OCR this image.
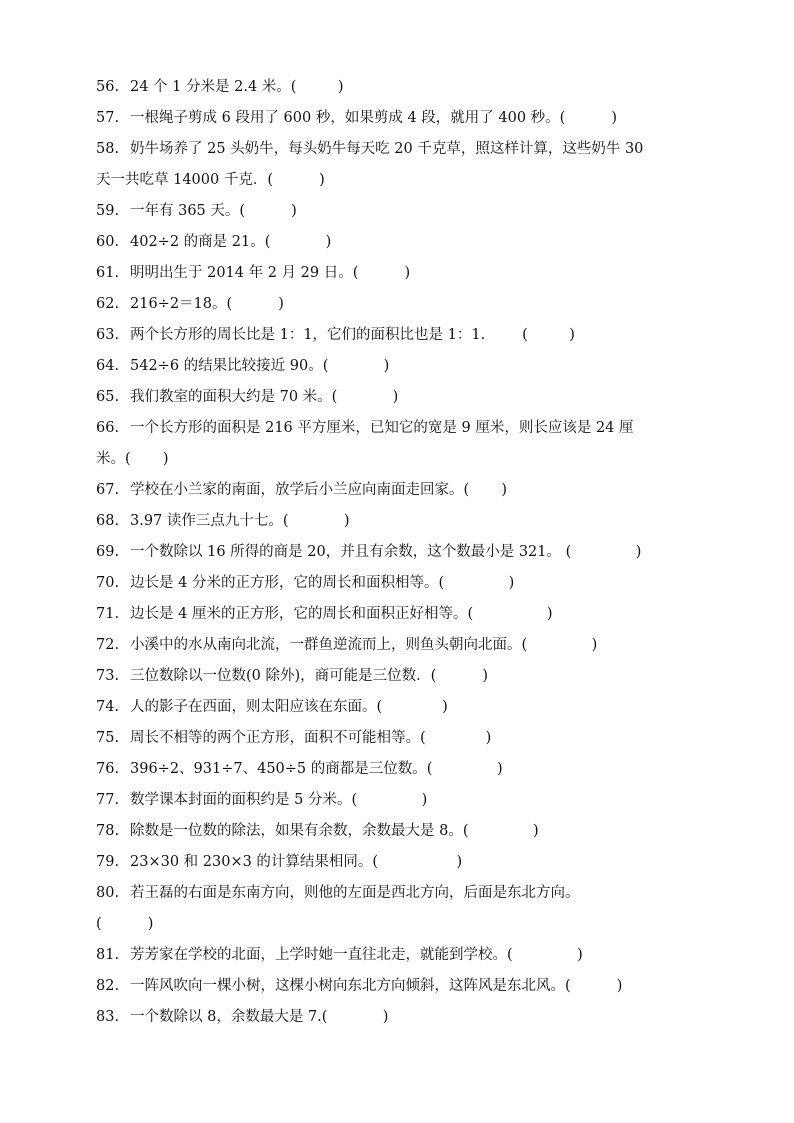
56. 24 个 1 分米是 2.4 米。(         )
57. 一根绳子剪成 6 段用了 600 秒，如果剪成 4 段，就用了 400 秒。(          )
58. 奶牛场养了 25 头奶牛，每头奶牛每天吃 20 千克草，照这样计算，这些奶牛 30
天一共吃草 14000 千克．(          )
59. 一年有 365 天。(          )
60. 402÷2 的商是 21。(            )
61. 明明出生于 2014 年 2 月 29 日。(          )
62. 216÷2＝18。(          )
63. 两个长方形的周长比是 1：1，它们的面积比也是 1：1.        (         )
64. 542÷6 的结果比较接近 90。(            )
65. 我们教室的面积大约是 70 米。(            )
66. 一个长方形的面积是 216 平方厘米，已知它的宽是 9 厘米，则长应该是 24 厘
米。(       )
67. 学校在小兰家的南面，放学后小兰应向南面走回家。(       )
68. 3.97 读作三点九十七。(            )
69. 一个数除以 16 所得的商是 20，并且有余数，这个数最小是 321。 (              )
70. 边长是 4 分米的正方形，它的周长和面积相等。(              )
71. 边长是 4 厘米的正方形，它的周长和面积正好相等。(                )
72. 小溪中的水从南向北流，一群鱼逆流而上，则鱼头朝向北面。(              )
73. 三位数除以一位数(0 除外)，商可能是三位数．(          )
74. 人的影子在西面，则太阳应该在东面。(             )
75. 周长不相等的两个正方形，面积不可能相等。(             )
76. 396÷2、931÷7、450÷5 的商都是三位数。(              )
77. 数学课本封面的面积约是 5 分米。(              )
78. 除数是一位数的除法，如果有余数，余数最大是 8。(              )
79. 23×30 和 230×3 的计算结果相同。(                 )
80. 若王磊的右面是东南方向，则他的左面是西北方向，后面是东北方向。
(          )
81. 芳芳家在学校的北面，上学时她一直往北走，就能到学校。(              )
82. 一阵风吹向一棵小树，这棵小树向东北方向倾斜，这阵风是东北风。(          )
83. 一个数除以 8，余数最大是 7.(            )
